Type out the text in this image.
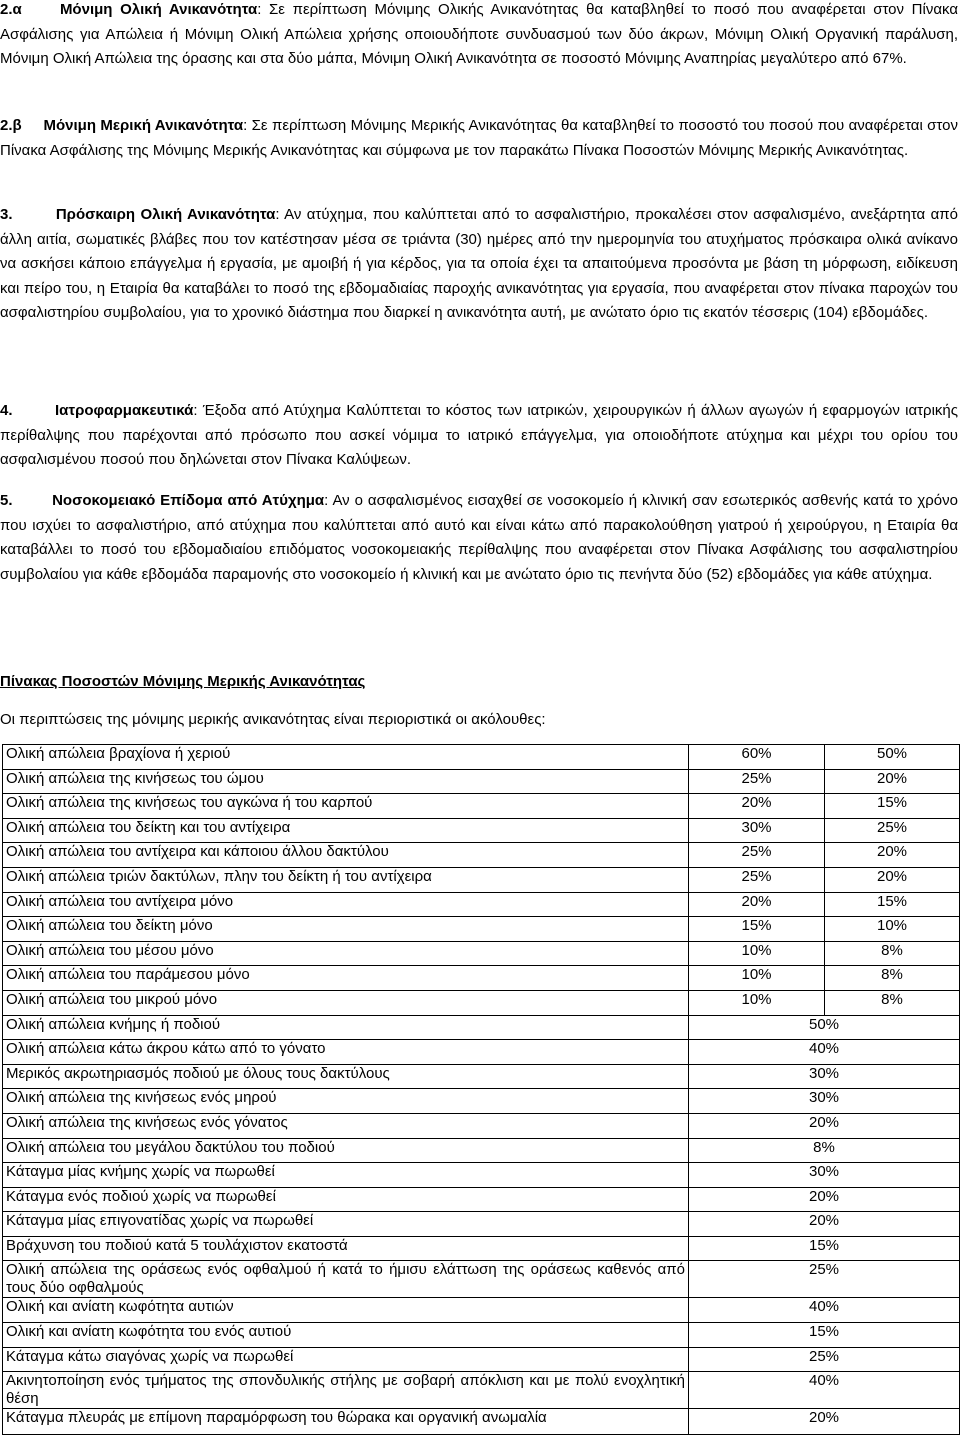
2.α	Μόνιμη Ολική Ανικανότητα: Σε περίπτωση Μόνιμης Ολικής Ανικανότητας θα καταβληθεί το ποσό που αναφέρεται στον Πίνακα Ασφάλισης για Απώλεια ή Μόνιμη Ολική Απώλεια χρήσης οποιουδήποτε συνδυασμού των δύο άκρων, Μόνιμη Ολική Οργανική παράλυση, Μόνιμη Ολική Απώλεια της όρασης και στα δύο μάπα, Μόνιμη Ολική Ανικανότητα σε ποσοστό Μόνιμης Αναπηρίας μεγαλύτερο από 67%.

2.β Μόνιμη Μερική Ανικανότητα: Σε περίπτωση Μόνιμης Μερικής Ανικανότητας θα καταβληθεί το ποσοστό του ποσού που αναφέρεται στον Πίνακα Ασφάλισης της Μόνιμης Μερικής Ανικανότητας και σύμφωνα με τον παρακάτω Πίνακα Ποσοστών Μόνιμης Μερικής Ανικανότητας.

3.	Πρόσκαιρη Ολική Ανικανότητα: Αν ατύχημα, που καλύπτεται από το ασφαλιστήριο, προκαλέσει στον ασφαλισμένο, ανεξάρτητα από άλλη αιτία, σωματικές βλάβες που τον κατέστησαν μέσα σε τριάντα (30) ημέρες από την ημερομηνία του ατυχήματος πρόσκαιρα ολικά ανίκανο να ασκήσει κάποιο επάγγελμα ή εργασία, με αμοιβή ή για κέρδος, για τα οποία έχει τα απαιτούμενα προσόντα με βάση τη μόρφωση, ειδίκευση και πείρο του, η Εταιρία θα καταβάλει το ποσό της εβδομαδιαίας παροχής ανικανότητας για εργασία, που αναφέρεται στον πίνακα παροχών του ασφαλιστηρίου συμβολαίου, για το χρονικό διάστημα που διαρκεί η ανικανότητα αυτή, με ανώτατο όριο τις εκατόν τέσσερις (104) εβδομάδες.

4.	Ιατροφαρμακευτικά: Έξοδα από Ατύχημα Καλύπτεται το κόστος των ιατρικών, χειρουργικών ή άλλων αγωγών ή εφαρμογών ιατρικής περίθαλψης που παρέχονται από πρόσωπο που ασκεί νόμιμα το ιατρικό επάγγελμα, για οποιοδήποτε ατύχημα και μέχρι του ορίου του ασφαλισμένου ποσού που δηλώνεται στον Πίνακα Καλύψεων.

5.	Νοσοκομειακό Επίδομα από Ατύχημα: Αν ο ασφαλισμένος εισαχθεί σε νοσοκομείο ή κλινική σαν εσωτερικός ασθενής κατά το χρόνο που ισχύει το ασφαλιστήριο, από ατύχημα που καλύπτεται από αυτό και είναι κάτω από παρακολούθηση γιατρού ή χειρούργου, η Εταιρία θα καταβάλλει το ποσό του εβδομαδιαίου επιδόματος νοσοκομειακής περίθαλψης που αναφέρεται στον Πίνακα Ασφάλισης του ασφαλιστηρίου συμβολαίου για κάθε εβδομάδα παραμονής στο νοσοκομείο ή κλινική και με ανώτατο όριο τις πενήντα δύο (52) εβδομάδες για κάθε ατύχημα.

Πίνακας Ποσοστών Μόνιμης Μερικής Ανικανότητας

Οι περιπτώσεις της μόνιμης μερικής ανικανότητας είναι περιοριστικά οι ακόλουθες:

Ολική απώλεια βραχίονα ή χεριού	60%	50%
Ολική απώλεια της κινήσεως του ώμου	25%	20%
Ολική απώλεια της κινήσεως του αγκώνα ή του καρπού	20%	15%
Ολική απώλεια του δείκτη και του αντίχειρα	30%	25%
Ολική απώλεια του αντίχειρα και κάποιου άλλου δακτύλου	25%	20%
Ολική απώλεια τριών δακτύλων, πλην του δείκτη ή του αντίχειρα	25%	20%
Ολική απώλεια του αντίχειρα μόνο	20%	15%
Ολική απώλεια του δείκτη μόνο	15%	10%
Ολική απώλεια του μέσου μόνο	10%	8%
Ολική απώλεια του παράμεσου μόνο	10%	8%
Ολική απώλεια του μικρού μόνο	10%	8%
Ολική απώλεια κνήμης ή ποδιού	50%	
Ολική απώλεια κάτω άκρου κάτω από το γόνατο	40%	
Μερικός ακρωτηριασμός ποδιού με όλους τους δακτύλους	30%	
Ολική απώλεια της κινήσεως ενός μηρού	30%	
Ολική απώλεια της κινήσεως ενός γόνατος	20%	
Ολική απώλεια του μεγάλου δακτύλου του ποδιού	8%	
Κάταγμα μίας κνήμης χωρίς να πωρωθεί	30%	
Κάταγμα ενός ποδιού χωρίς να πωρωθεί	20%	
Κάταγμα μίας επιγονατίδας χωρίς να πωρωθεί	20%	
Βράχυνση του ποδιού κατά 5 τουλάχιστον εκατοστά	15%	
Ολική απώλεια της οράσεως ενός οφθαλμού ή κατά το ήμισυ ελάττωση της οράσεως καθενός από τους δύο οφθαλμούς	25%	
Ολική και ανίατη κωφότητα αυτιών	40%	
Ολική και ανίατη κωφότητα του ενός αυτιού	15%	
Κάταγμα κάτω σιαγόνας χωρίς να πωρωθεί	25%	
Ακινητοποίηση ενός τμήματος της σπονδυλικής στήλης με σοβαρή απόκλιση και με πολύ ενοχλητική θέση	40%	
Κάταγμα πλευράς με επίμονη παραμόρφωση του θώρακα και οργανική ανωμαλία	20%	
